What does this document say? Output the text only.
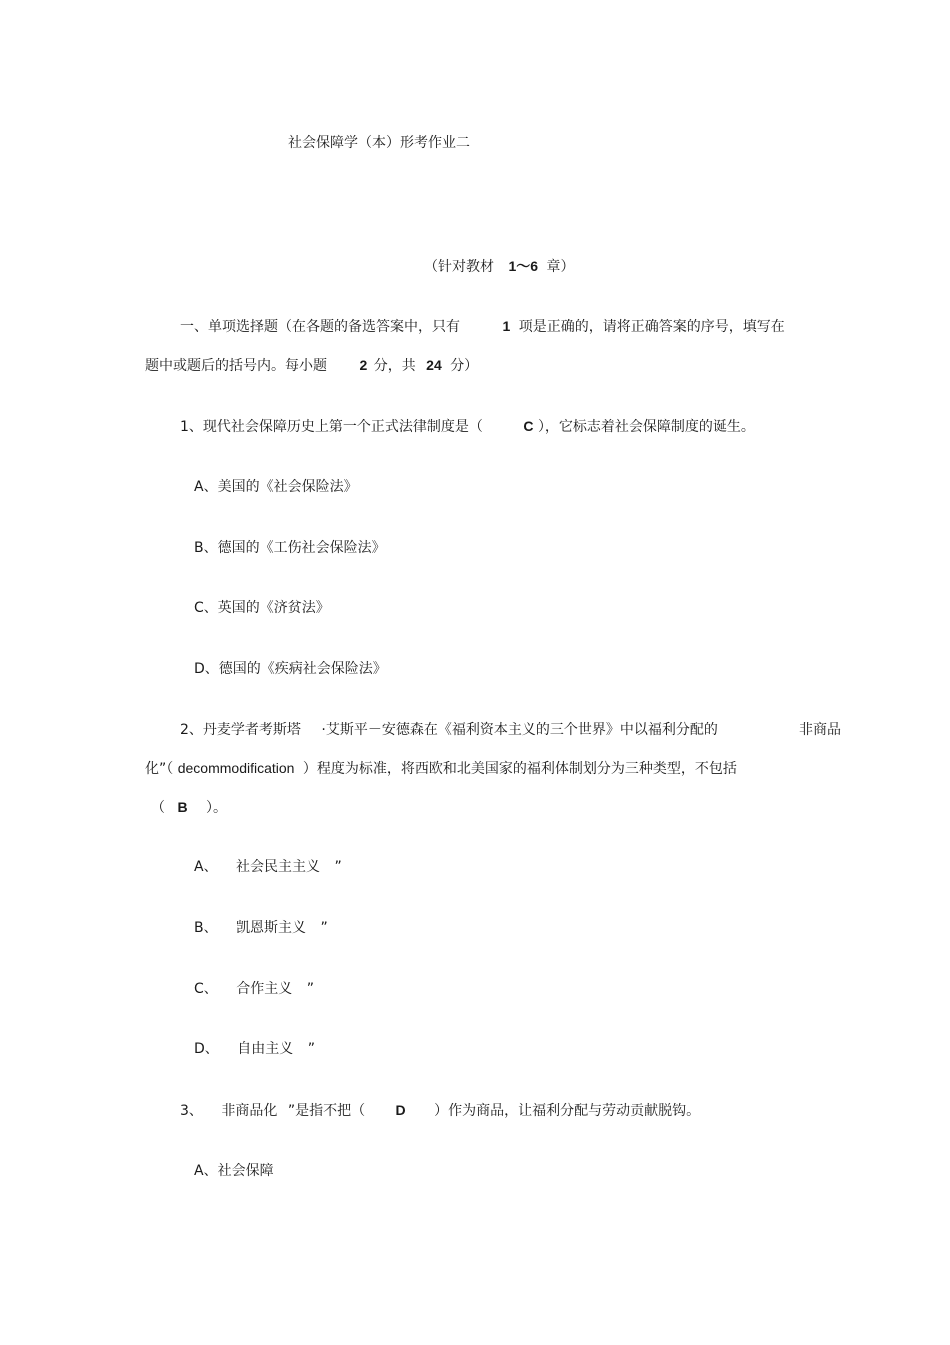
社会保障学（本）形考作业二
（针对教材 1～6 章）
一、单项选择题（在各题的备选答案中，只有	1 项是正确的，请将正确答案的序号，填写在
题中或题后的括号内。每小题 2 分，共 24 分）
1、现代社会保障历史上第一个正式法律制度是（	C ），它标志着社会保障制度的诞生。
A、美国的《社会保险法》
B、德国的《工伤社会保险法》
C、英国的《济贫法》
D、德国的《疾病社会保险法》
2、丹麦学者考斯塔 ·艾斯平－安德森在《福利资本主义的三个世界》中以福利分配的	非商品
化”（ decommodification ）程度为标准，将西欧和北美国家的福利体制划分为三种类型，不包括
（ B ）。
A、 社会民主主义 ”
B、 凯恩斯主义 ”
C、 合作主义 ”
D、 自由主义 ”
3、 非商品化 ”是指不把（ D ）作为商品，让福利分配与劳动贡献脱钩。
A、社会保障
